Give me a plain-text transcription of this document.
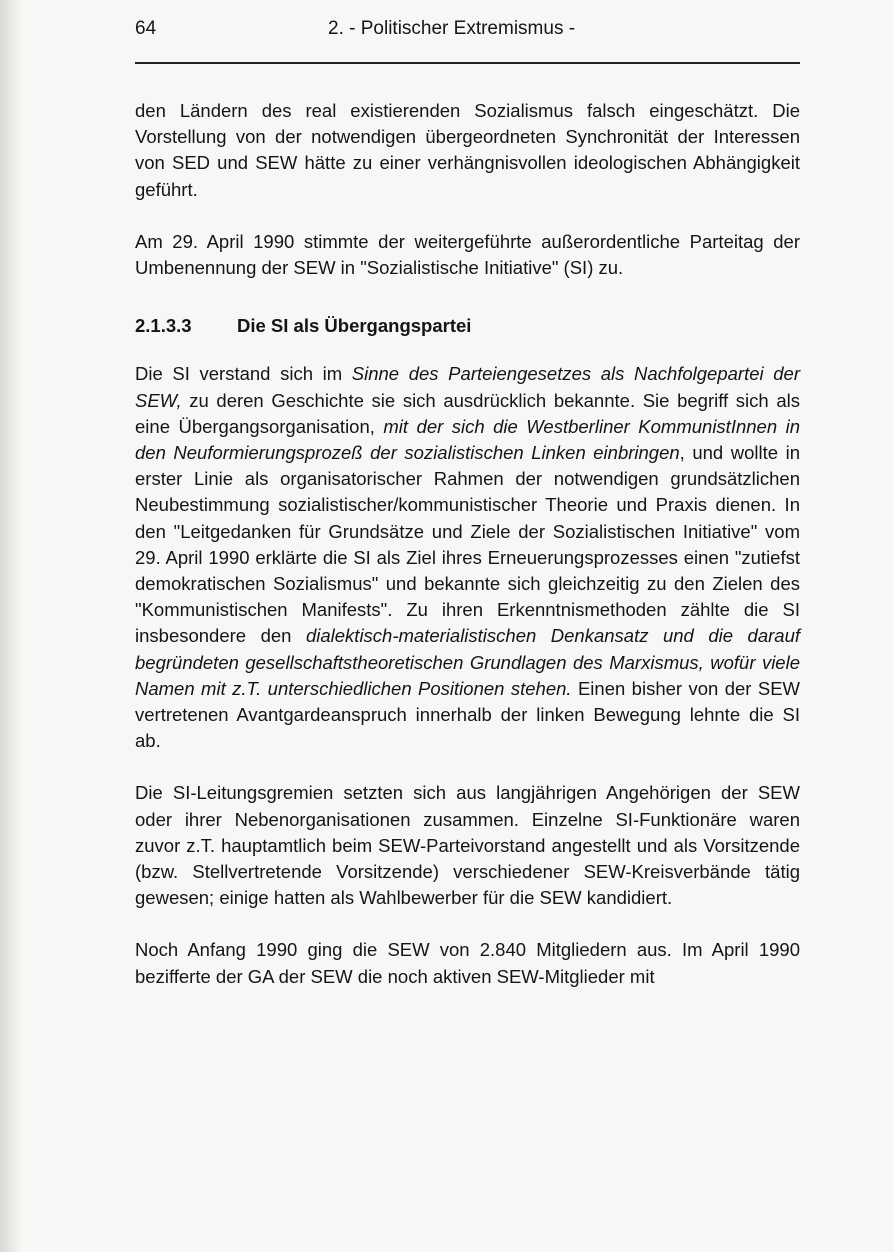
64	2. - Politischer Extremismus -

den Ländern des real existierenden Sozialismus falsch eingeschätzt. Die Vorstellung von der notwendigen übergeordneten Synchronität der Interessen von SED und SEW hätte zu einer verhängnisvollen ideologischen Abhängigkeit geführt.

Am 29. April 1990 stimmte der weitergeführte außerordentliche Parteitag der Umbenennung der SEW in "Sozialistische Initiative" (SI) zu.

2.1.3.3 Die SI als Übergangspartei

Die SI verstand sich im Sinne des Parteiengesetzes als Nachfolgepartei der SEW, zu deren Geschichte sie sich ausdrücklich bekannte. Sie begriff sich als eine Übergangsorganisation, mit der sich die Westberliner KommunistInnen in den Neuformierungsprozeß der sozialistischen Linken einbringen, und wollte in erster Linie als organisatorischer Rahmen der notwendigen grundsätzlichen Neubestimmung sozialistischer/kommunistischer Theorie und Praxis dienen. In den "Leitgedanken für Grundsätze und Ziele der Sozialistischen Initiative" vom 29. April 1990 erklärte die SI als Ziel ihres Erneuerungsprozesses einen "zutiefst demokratischen Sozialismus" und bekannte sich gleichzeitig zu den Zielen des "Kommunistischen Manifests". Zu ihren Erkenntnismethoden zählte die SI insbesondere den dialektisch-materialistischen Denkansatz und die darauf begründeten gesellschaftstheoretischen Grundlagen des Marxismus, wofür viele Namen mit z.T. unterschiedlichen Positionen stehen. Einen bisher von der SEW vertretenen Avantgardeanspruch innerhalb der linken Bewegung lehnte die SI ab.

Die SI-Leitungsgremien setzten sich aus langjährigen Angehörigen der SEW oder ihrer Nebenorganisationen zusammen. Einzelne SI-Funktionäre waren zuvor z.T. hauptamtlich beim SEW-Parteivorstand angestellt und als Vorsitzende (bzw. Stellvertretende Vorsitzende) verschiedener SEW-Kreisverbände tätig gewesen; einige hatten als Wahlbewerber für die SEW kandidiert.

Noch Anfang 1990 ging die SEW von 2.840 Mitgliedern aus. Im April 1990 bezifferte der GA der SEW die noch aktiven SEW-Mitglieder mit
